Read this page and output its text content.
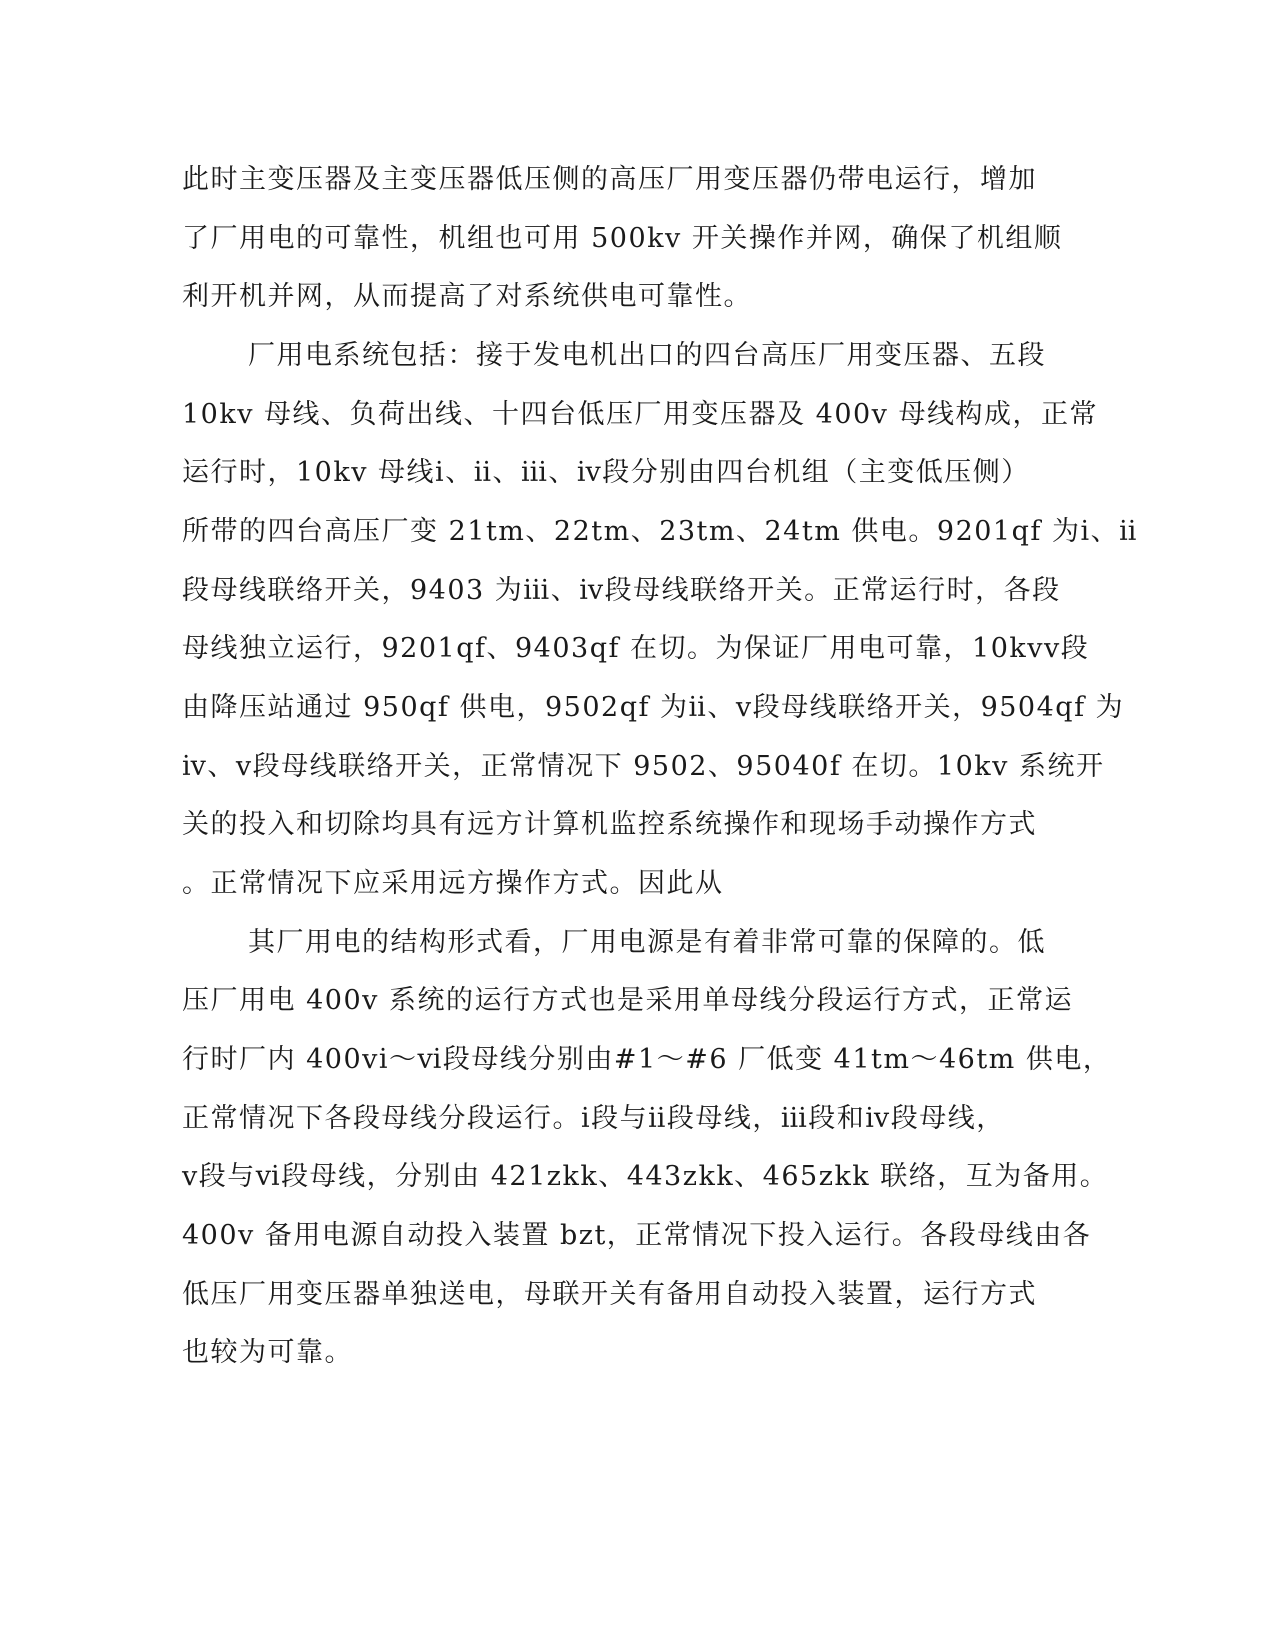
此时主变压器及主变压器低压侧的高压厂用变压器仍带电运行，增加

了厂用电的可靠性，机组也可用 500kv 开关操作并网，确保了机组顺

利开机并网，从而提高了对系统供电可靠性。

厂用电系统包括：接于发电机出口的四台高压厂用变压器、五段

10kv 母线、负荷出线、十四台低压厂用变压器及 400v 母线构成，正常

运行时，10kv 母线ⅰ、ⅱ、ⅲ、ⅳ段分别由四台机组（主变低压侧）

所带的四台高压厂变 21tm、22tm、23tm、24tm 供电。9201qf 为ⅰ、ⅱ

段母线联络开关，9403 为ⅲ、ⅳ段母线联络开关。正常运行时，各段

母线独立运行，9201qf、9403qf 在切。为保证厂用电可靠，10kvⅴ段

由降压站通过 950qf 供电，9502qf 为ⅱ、ⅴ段母线联络开关，9504qf 为

ⅳ、ⅴ段母线联络开关，正常情况下 9502、95040f 在切。10kv 系统开

关的投入和切除均具有远方计算机监控系统操作和现场手动操作方式

。正常情况下应采用远方操作方式。因此从

其厂用电的结构形式看，厂用电源是有着非常可靠的保障的。低

压厂用电 400v 系统的运行方式也是采用单母线分段运行方式，正常运

行时厂内 400vⅰ～ⅵ段母线分别由#1～#6 厂低变 41tm～46tm 供电，

正常情况下各段母线分段运行。ⅰ段与ⅱ段母线，ⅲ段和ⅳ段母线，

ⅴ段与ⅵ段母线，分别由 421zkk、443zkk、465zkk 联络，互为备用。

400v 备用电源自动投入装置 bzt，正常情况下投入运行。各段母线由各

低压厂用变压器单独送电，母联开关有备用自动投入装置，运行方式

也较为可靠。
